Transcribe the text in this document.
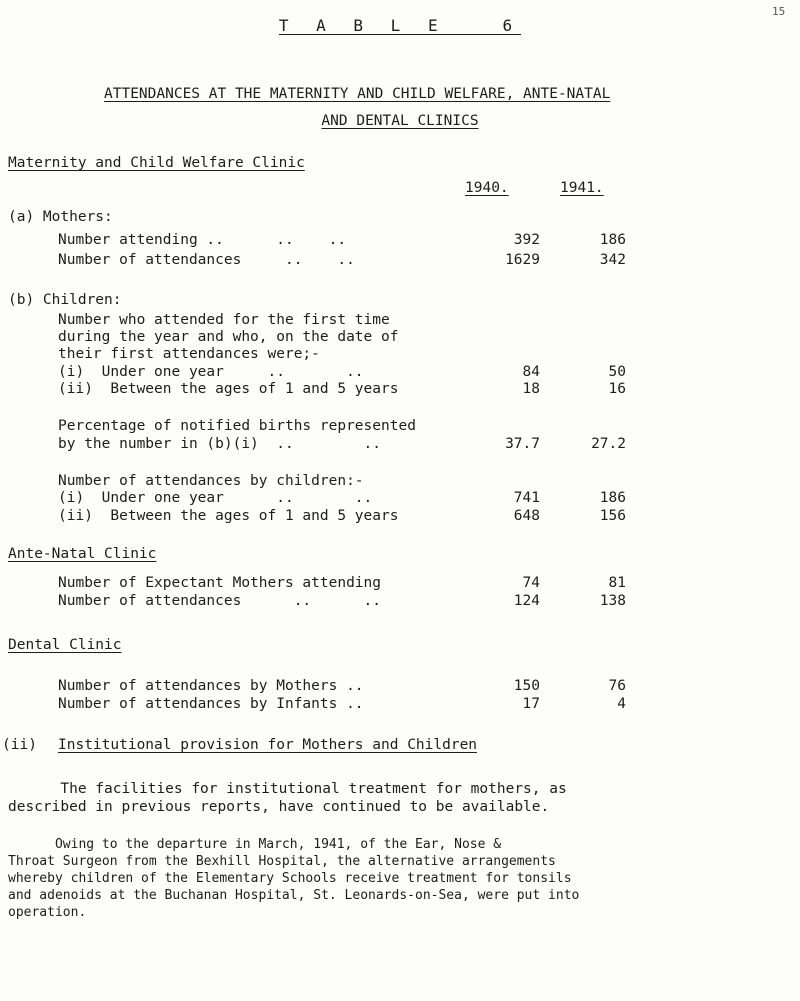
15
T A B L E   6
ATTENDANCES AT THE MATERNITY AND CHILD WELFARE, ANTE-NATAL
AND DENTAL CLINICS
Maternity and Child Welfare Clinic
1940.	1941.
(a) Mothers:
Number attending ..      ..    ..	392	186
Number of attendances     ..    ..	1629	342
(b) Children:
Number who attended for the first time
during the year and who, on the date of
their first attendances were;-
(i)  Under one year     ..       ..	84	50
(ii)  Between the ages of 1 and 5 years	18	16
Percentage of notified births represented
by the number in (b)(i)  ..        ..	37.7	27.2
Number of attendances by children:-
(i)  Under one year      ..       ..	741	186
(ii)  Between the ages of 1 and 5 years	648	156
Ante-Natal Clinic
Number of Expectant Mothers attending	74	81
Number of attendances      ..      ..	124	138
Dental Clinic
Number of attendances by Mothers ..	150	76
Number of attendances by Infants ..	17	4
(ii) Institutional provision for Mothers and Children
The facilities for institutional treatment for mothers, as
described in previous reports, have continued to be available.
Owing to the departure in March, 1941, of the Ear, Nose &
Throat Surgeon from the Bexhill Hospital, the alternative arrangements
whereby children of the Elementary Schools receive treatment for tonsils
and adenoids at the Buchanan Hospital, St. Leonards-on-Sea, were put into
operation.
